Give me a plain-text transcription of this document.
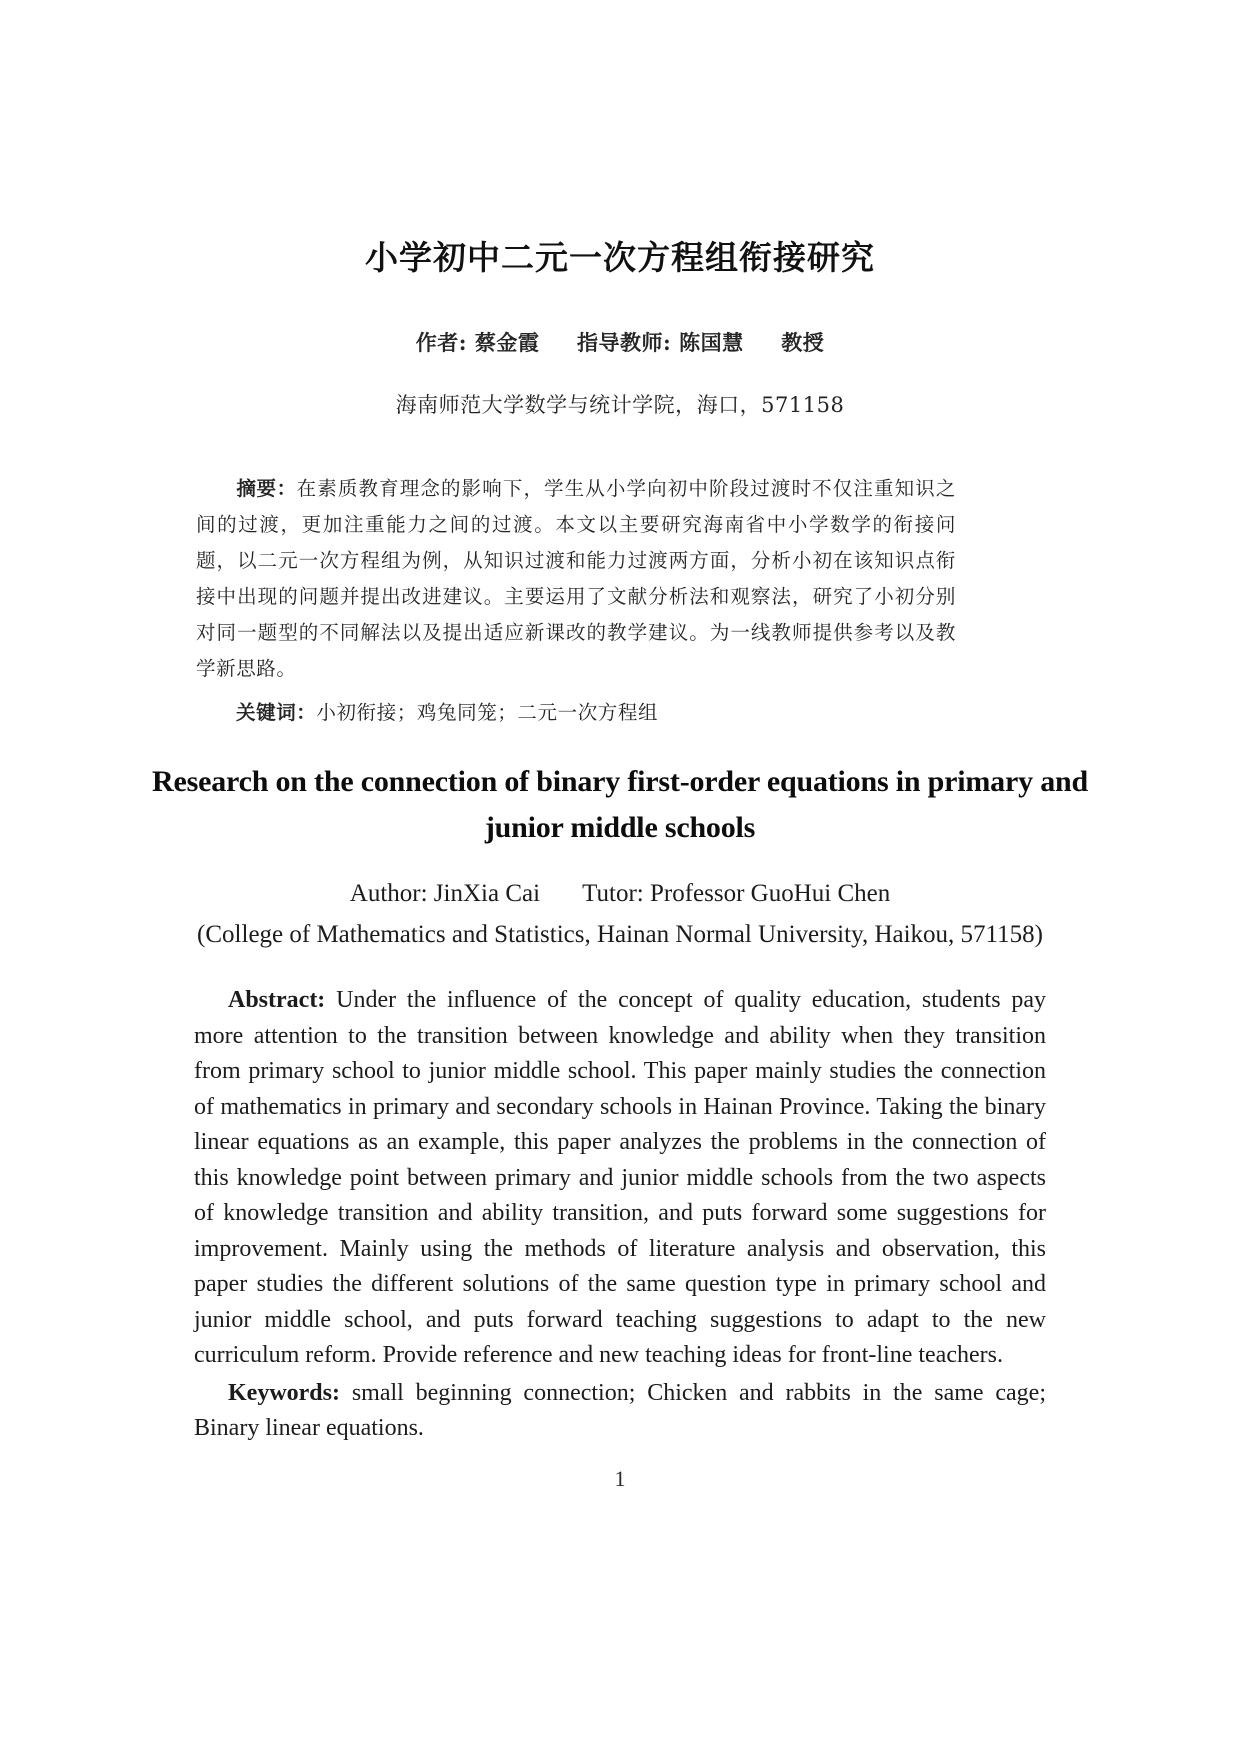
小学初中二元一次方程组衔接研究
作者: 蔡金霞 指导教师: 陈国慧 教授
海南师范大学数学与统计学院，海口，571158
摘要：在素质教育理念的影响下，学生从小学向初中阶段过渡时不仅注重知识之间的过渡，更加注重能力之间的过渡。本文以主要研究海南省中小学数学的衔接问题，以二元一次方程组为例，从知识过渡和能力过渡两方面，分析小初在该知识点衔接中出现的问题并提出改进建议。主要运用了文献分析法和观察法，研究了小初分别对同一题型的不同解法以及提出适应新课改的教学建议。为一线教师提供参考以及教学新思路。
关键词：小初衔接；鸡兔同笼；二元一次方程组
Research on the connection of binary first-order equations in primary and junior middle schools
Author: JinXia Cai Tutor: Professor GuoHui Chen
(College of Mathematics and Statistics, Hainan Normal University, Haikou, 571158)
Abstract: Under the influence of the concept of quality education, students pay more attention to the transition between knowledge and ability when they transition from primary school to junior middle school. This paper mainly studies the connection of mathematics in primary and secondary schools in Hainan Province. Taking the binary linear equations as an example, this paper analyzes the problems in the connection of this knowledge point between primary and junior middle schools from the two aspects of knowledge transition and ability transition, and puts forward some suggestions for improvement. Mainly using the methods of literature analysis and observation, this paper studies the different solutions of the same question type in primary school and junior middle school, and puts forward teaching suggestions to adapt to the new curriculum reform. Provide reference and new teaching ideas for front-line teachers.
Keywords: small beginning connection; Chicken and rabbits in the same cage; Binary linear equations.
1
